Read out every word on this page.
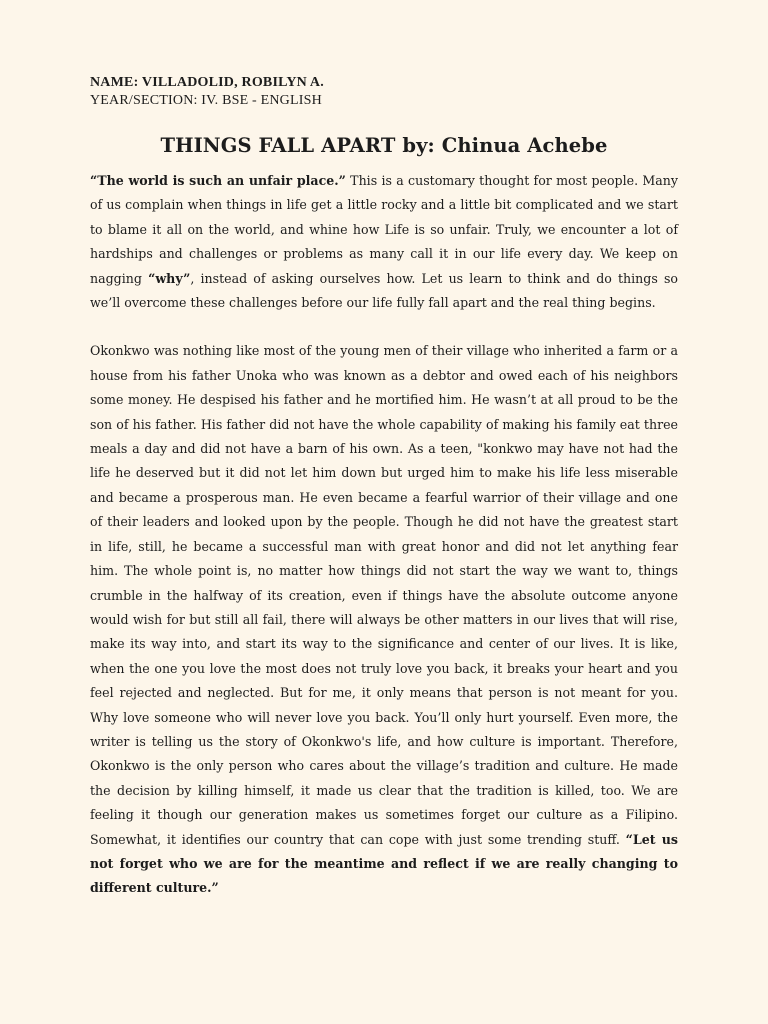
NAME: VILLADOLID, ROBILYN A.
YEAR/SECTION: IV. BSE - ENGLISH
THINGS FALL APART by: Chinua Achebe

“The world is such an unfair place.” This is a customary thought for most people. Many of us complain when things in life get a little rocky and a little bit complicated and we start to blame it all on the world, and whine how Life is so unfair. Truly, we encounter a lot of hardships and challenges or problems as many call it in our life every day. We keep on nagging “why”, instead of asking ourselves how. Let us learn to think and do things so we’ll overcome these challenges before our life fully fall apart and the real thing begins.

Okonkwo was nothing like most of the young men of their village who inherited a farm or a house from his father Unoka who was known as a debtor and owed each of his neighbors some money. He despised his father and he mortified him. He wasn’t at all proud to be the son of his father. His father did not have the whole capability of making his family eat three meals a day and did not have a barn of his own. As a teen, "konkwo may have not had the life he deserved but it did not let him down but urged him to make his life less miserable and became a prosperous man. He even became a fearful warrior of their village and one of their leaders and looked upon by the people. Though he did not have the greatest start in life, still, he became a successful man with great honor and did not let anything fear him. The whole point is, no matter how things did not start the way we want to, things crumble in the halfway of its creation, even if things have the absolute outcome anyone would wish for but still all fail, there will always be other matters in our lives that will rise, make its way into, and start its way to the significance and center of our lives. It is like, when the one you love the most does not truly love you back, it breaks your heart and you feel rejected and neglected. But for me, it only means that person is not meant for you. Why love someone who will never love you back. You’ll only hurt yourself. Even more, the writer is telling us the story of Okonkwo's life, and how culture is important. Therefore, Okonkwo is the only person who cares about the village’s tradition and culture. He made the decision by killing himself, it made us clear that the tradition is killed, too. We are feeling it though our generation makes us sometimes forget our culture as a Filipino. Somewhat, it identifies our country that can cope with just some trending stuff. “Let us not forget who we are for the meantime and reflect if we are really changing to different culture.”
